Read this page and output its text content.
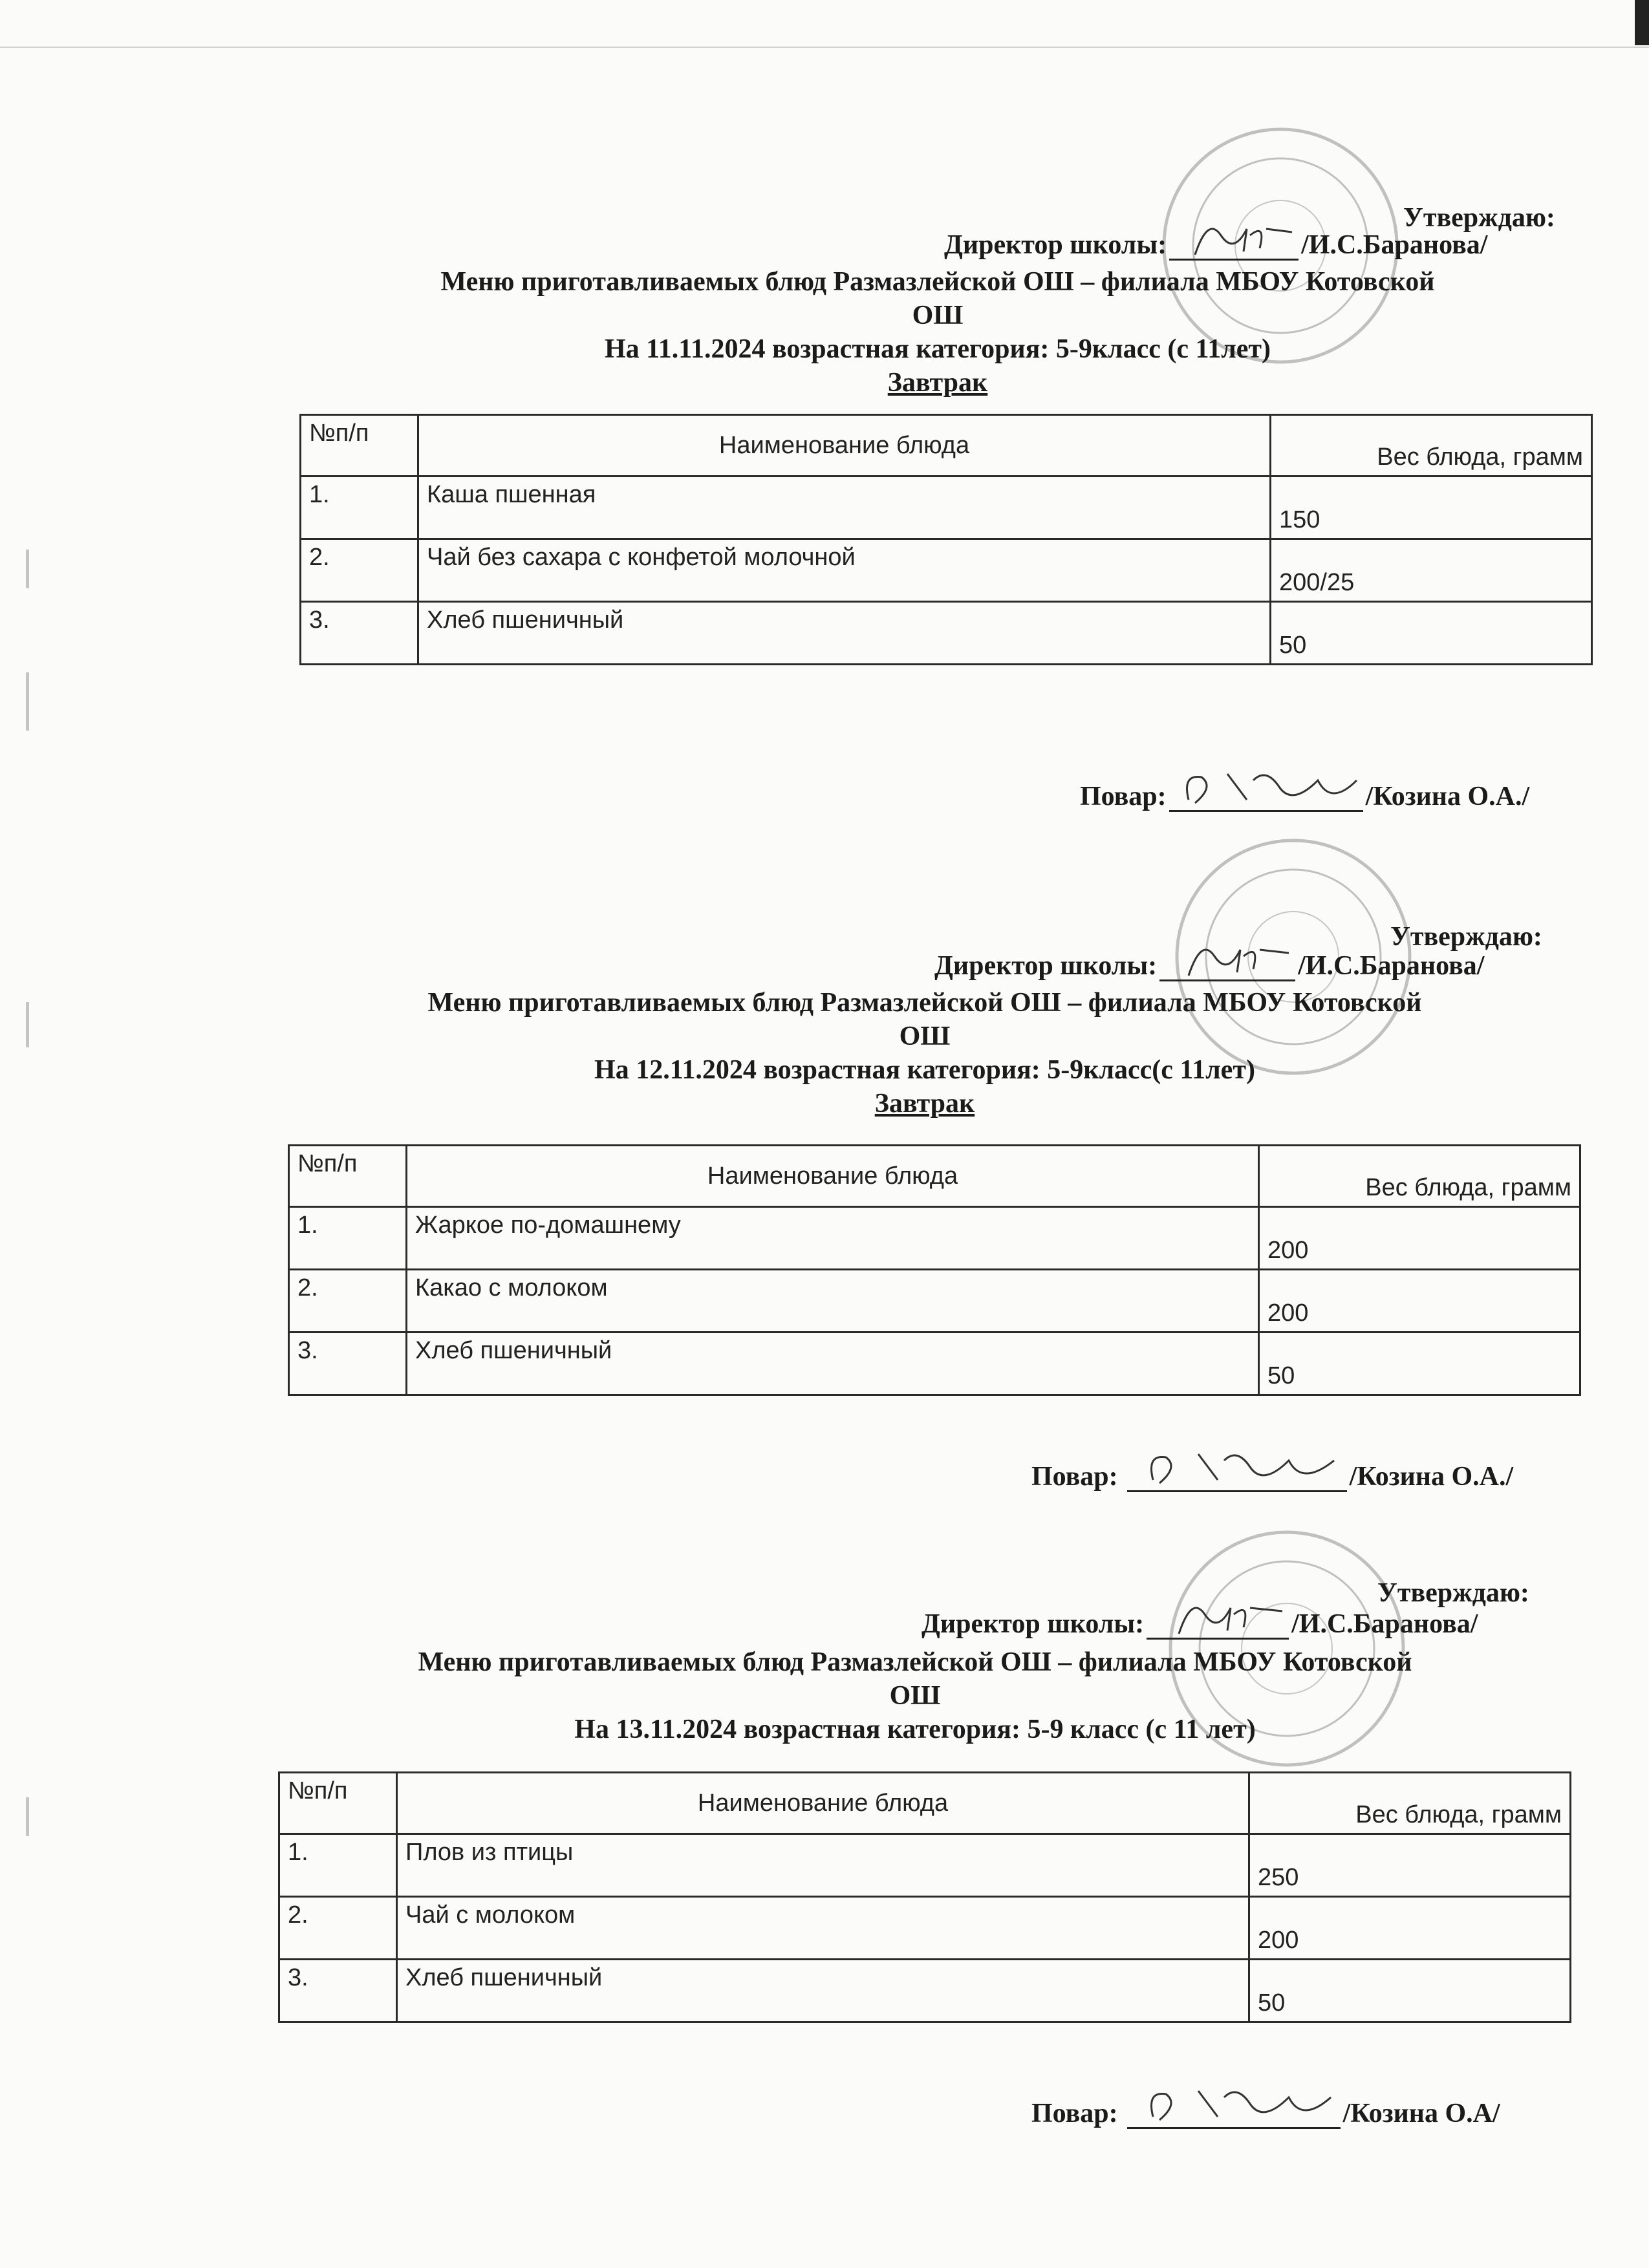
Утверждаю:
Директор школы:	/И.С.Баранова/
Меню приготавливаемых блюд Размазлейской ОШ – филиала МБОУ Котовской
ОШ
На 11.11.2024 возрастная категория: 5-9класс (с 11лет)
Завтрак
№п/п	Наименование блюда	Вес блюда, грамм
1.	Каша пшенная	150
2.	Чай без сахара с конфетой молочной	200/25
3.	Хлеб пшеничный	50
Повар:	/Козина О.А./
Утверждаю:
Директор школы:	/И.С.Баранова/
Меню приготавливаемых блюд Размазлейской ОШ – филиала МБОУ Котовской
ОШ
На 12.11.2024 возрастная категория: 5-9класс(с 11лет)
Завтрак
№п/п	Наименование блюда	Вес блюда, грамм
1.	Жаркое по-домашнему	200
2.	Какао с молоком	200
3.	Хлеб пшеничный	50
Повар:	/Козина О.А./
Утверждаю:
Директор школы:	/И.С.Баранова/
Меню приготавливаемых блюд Размазлейской ОШ – филиала МБОУ Котовской
ОШ
На 13.11.2024 возрастная категория: 5-9 класс (с 11 лет)
№п/п	Наименование блюда	Вес блюда, грамм
1.	Плов из птицы	250
2.	Чай с молоком	200
3.	Хлеб пшеничный	50
Повар:	/Козина О.А/
